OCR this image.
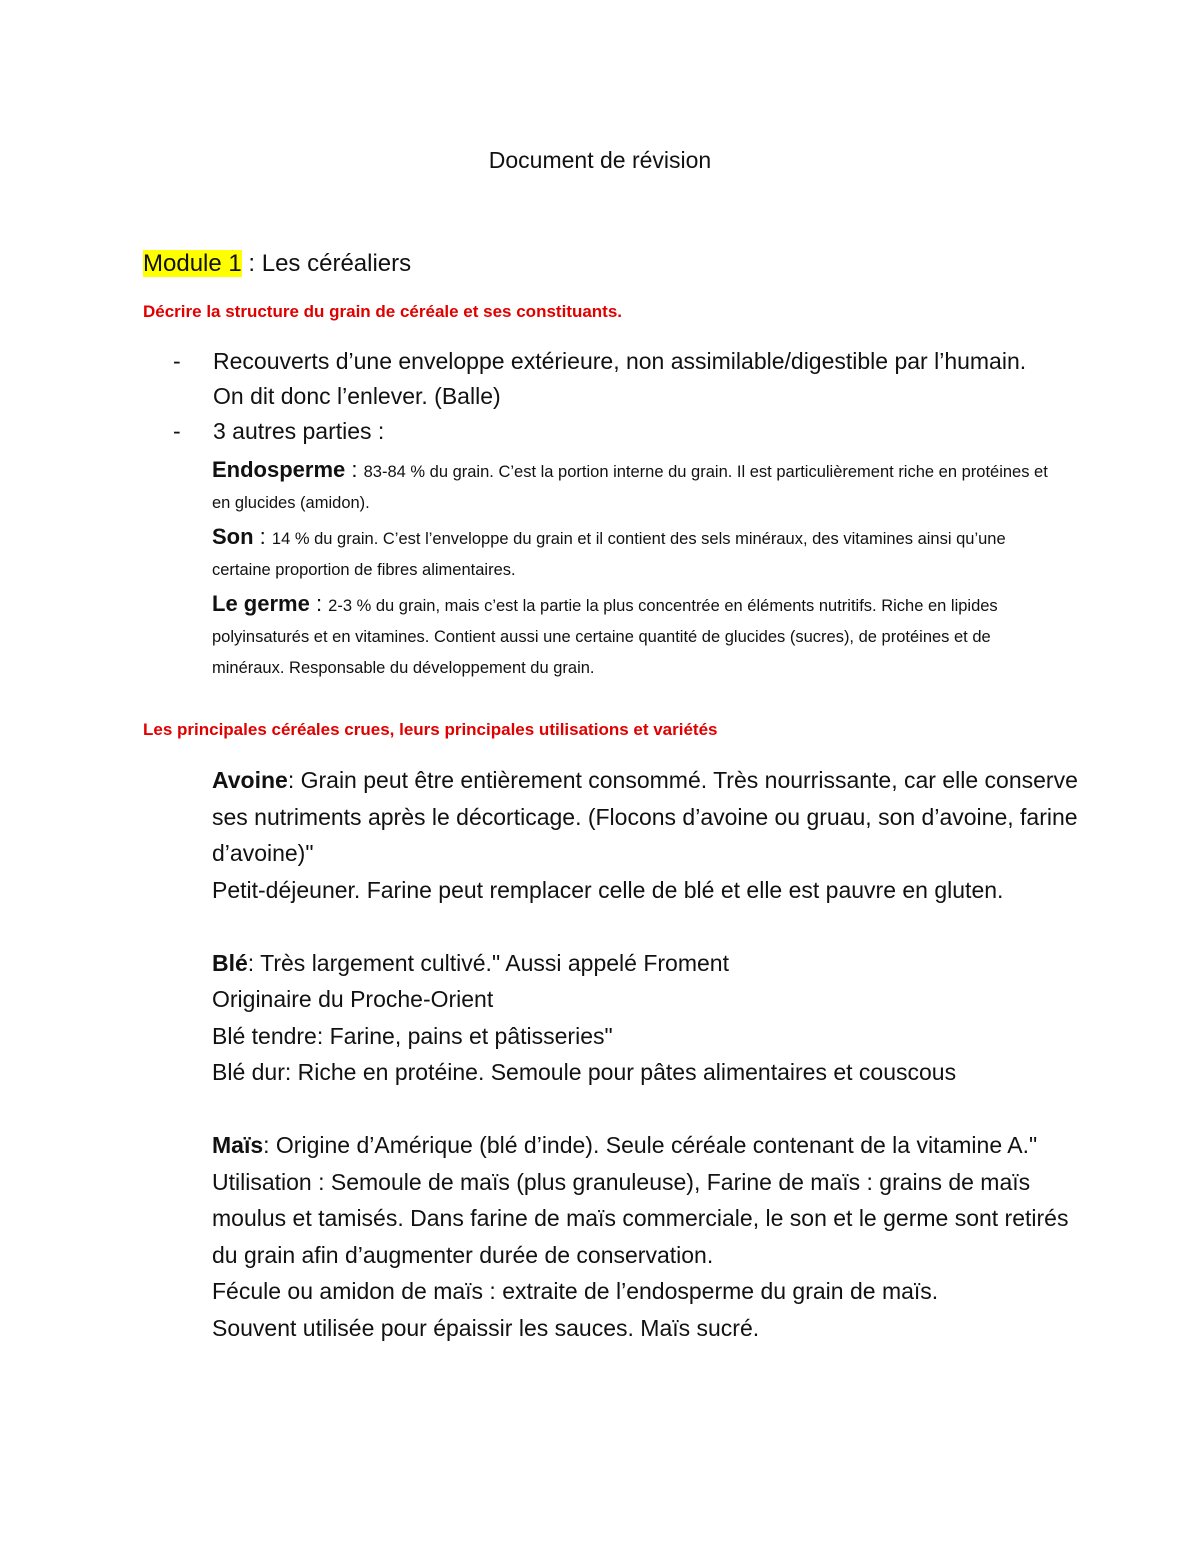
Document de révision
Module 1 : Les céréaliers
Décrire la structure du grain de céréale et ses constituants.
- Recouverts d’une enveloppe extérieure, non assimilable/digestible par l’humain. On dit donc l’enlever. (Balle)
- 3 autres parties :
Endosperme : 83-84 % du grain. C’est la portion interne du grain. Il est particulièrement riche en protéines et en glucides (amidon).
Son : 14 % du grain. C’est l’enveloppe du grain et il contient des sels minéraux, des vitamines ainsi qu’une certaine proportion de fibres alimentaires.
Le germe : 2-3 % du grain, mais c’est la partie la plus concentrée en éléments nutritifs. Riche en lipides polyinsaturés et en vitamines. Contient aussi une certaine quantité de glucides (sucres), de protéines et de minéraux. Responsable du développement du grain.
Les principales céréales crues, leurs principales utilisations et variétés

Avoine: Grain peut être entièrement consommé. Très nourrissante, car elle conserve ses nutriments après le décorticage. (Flocons d’avoine ou gruau, son d’avoine, farine d’avoine)"

Petit-déjeuner. Farine peut remplacer celle de blé et elle est pauvre en gluten.

Blé: Très largement cultivé." Aussi appelé Froment

Originaire du Proche-Orient

Blé tendre: Farine, pains et pâtisseries"

Blé dur: Riche en protéine. Semoule pour pâtes alimentaires et couscous

Maïs: Origine d’Amérique (blé d’inde). Seule céréale contenant de la vitamine A."

Utilisation : Semoule de maïs (plus granuleuse), Farine de maïs : grains de maïs moulus et tamisés. Dans farine de maïs commerciale, le son et le germe sont retirés du grain afin d’augmenter durée de conservation.

Fécule ou amidon de maïs : extraite de l’endosperme du grain de maïs.

Souvent utilisée pour épaissir les sauces. Maïs sucré.
